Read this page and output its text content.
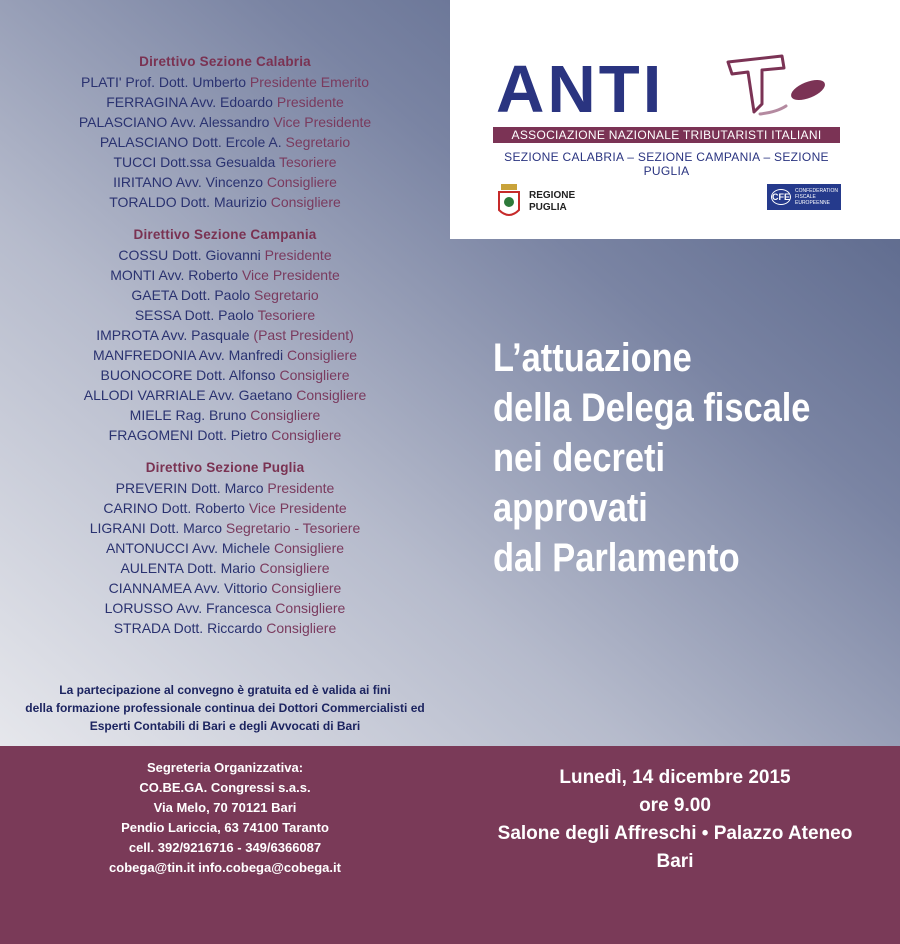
Direttivo Sezione Calabria
PLATI' Prof. Dott. Umberto Presidente Emerito
FERRAGINA Avv. Edoardo Presidente
PALASCIANO Avv. Alessandro Vice Presidente
PALASCIANO Dott. Ercole A. Segretario
TUCCI Dott.ssa Gesualda Tesoriere
IIRITANO Avv. Vincenzo Consigliere
TORALDO Dott. Maurizio Consigliere
Direttivo Sezione Campania
COSSU Dott. Giovanni Presidente
MONTI Avv. Roberto Vice Presidente
GAETA Dott. Paolo Segretario
SESSA Dott. Paolo Tesoriere
IMPROTA Avv. Pasquale (Past President)
MANFREDONIA Avv. Manfredi Consigliere
BUONOCORE Dott. Alfonso Consigliere
ALLODI VARRIALE Avv. Gaetano Consigliere
MIELE Rag. Bruno Consigliere
FRAGOMENI Dott. Pietro Consigliere
Direttivo Sezione Puglia
PREVERIN Dott. Marco Presidente
CARINO Dott. Roberto Vice Presidente
LIGRANI Dott. Marco Segretario - Tesoriere
ANTONUCCI Avv. Michele Consigliere
AULENTA Dott. Mario Consigliere
CIANNAMEA Avv. Vittorio Consigliere
LORUSSO Avv. Francesca Consigliere
STRADA Dott. Riccardo Consigliere
La partecipazione al convegno è gratuita ed è valida ai fini
della formazione professionale continua dei Dottori Commercialisti ed
Esperti Contabili di Bari e degli Avvocati di Bari
ANTI
ASSOCIAZIONE NAZIONALE TRIBUTARISTI ITALIANI
SEZIONE CALABRIA – SEZIONE CAMPANIA – SEZIONE PUGLIA
REGIONE
PUGLIA
CFE
CONFEDERATION FISCALE EUROPEENNE
L’attuazione
della Delega fiscale
nei decreti
approvati
dal Parlamento
Segreteria Organizzativa:
CO.BE.GA. Congressi s.a.s.
Via Melo, 70 70121 Bari
Pendio Lariccia, 63 74100 Taranto
cell. 392/9216716 - 349/6366087
cobega@tin.it info.cobega@cobega.it
Lunedì, 14 dicembre 2015
ore 9.00
Salone degli Affreschi • Palazzo Ateneo
Bari
